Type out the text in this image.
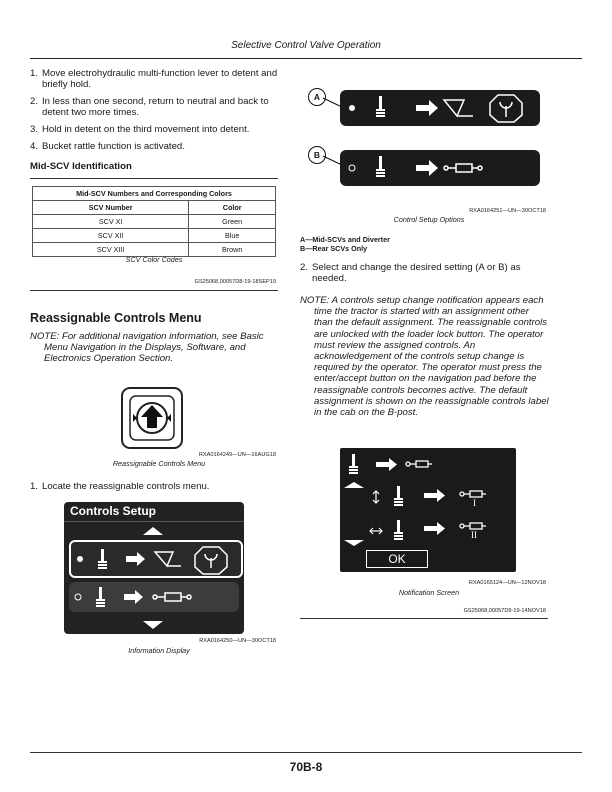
Selective Control Valve Operation
1. Move electrohydraulic multi-function lever to detent and briefly hold.
2. In less than one second, return to neutral and back to detent two more times.
3. Hold in detent on the third movement into detent.
4. Bucket rattle function is activated.
Mid-SCV Identification
Mid-SCV Numbers and Corresponding Colors	
SCV Number	Color
SCV XI	Green
SCV XII	Blue
SCV XIII	Brown
SCV Color Codes
GS25068,00057D8-19-18SEP19
Reassignable Controls Menu
NOTE: For additional navigation information, see Basic Menu Navigation in the Displays, Software, and Electronics Operation Section.
RXA0164249—UN—16AUG18
Reassignable Controls Menu
1. Locate the reassignable controls menu.
Controls Setup
RXA0164250—UN—30OCT18
Information Display
A
B
RXA0164251—UN—30OCT18
Control Setup Options
A—Mid-SCVs and Diverter
B—Rear SCVs Only
2. Select and change the desired setting (A or B) as needed.
NOTE: A controls setup change notification appears each time the tractor is started with an assignment other than the default assignment. The reassignable controls are unlocked with the loader lock button. The operator must review the assigned controls. An acknowledgement of the controls setup change is required by the operator. The operator must press the enter/accept button on the navigation pad before the reassignable controls becomes active. The default assignment is shown on the reassignable controls label in the cab on the B-post.
I
II
OK
RXA0165124—UN—12NOV18
Notification Screen
GS25068,00057D9-19-14NOV18
70B-8
